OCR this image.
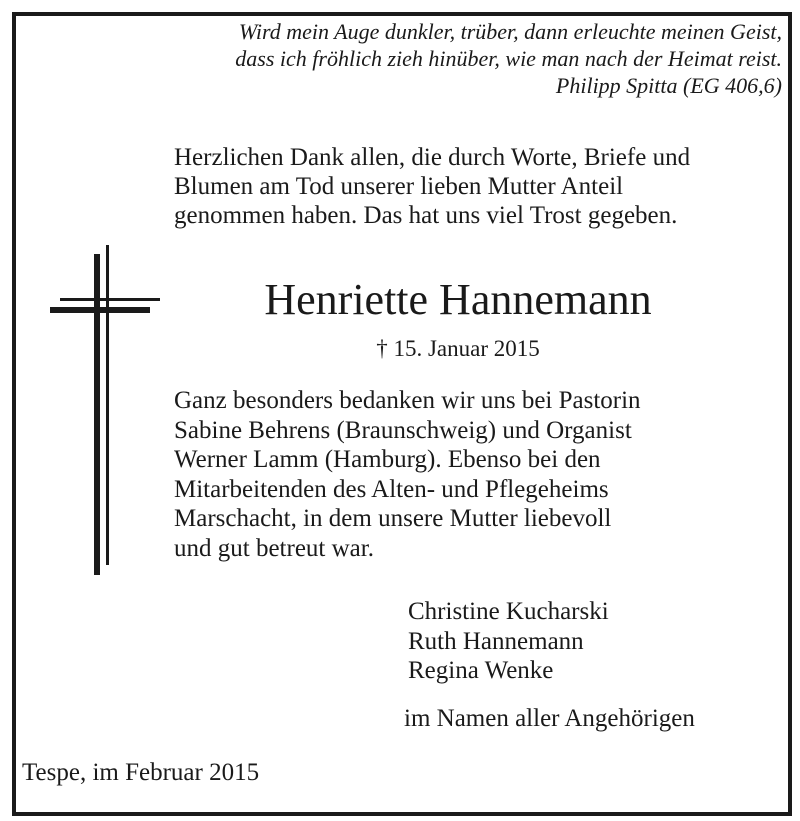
Wird mein Auge dunkler, trüber, dann erleuchte meinen Geist,
dass ich fröhlich zieh hinüber, wie man nach der Heimat reist.
Philipp Spitta (EG 406,6)
Herzlichen Dank allen, die durch Worte, Briefe und
Blumen am Tod unserer lieben Mutter Anteil
genommen haben. Das hat uns viel Trost gegeben.
Henriette Hannemann
† 15. Januar 2015
Ganz besonders bedanken wir uns bei Pastorin
Sabine Behrens (Braunschweig) und Organist
Werner Lamm (Hamburg). Ebenso bei den
Mitarbeitenden des Alten- und Pflegeheims
Marschacht, in dem unsere Mutter liebevoll
und gut betreut war.
Christine Kucharski
Ruth Hannemann
Regina Wenke
im Namen aller Angehörigen
Tespe, im Februar 2015
